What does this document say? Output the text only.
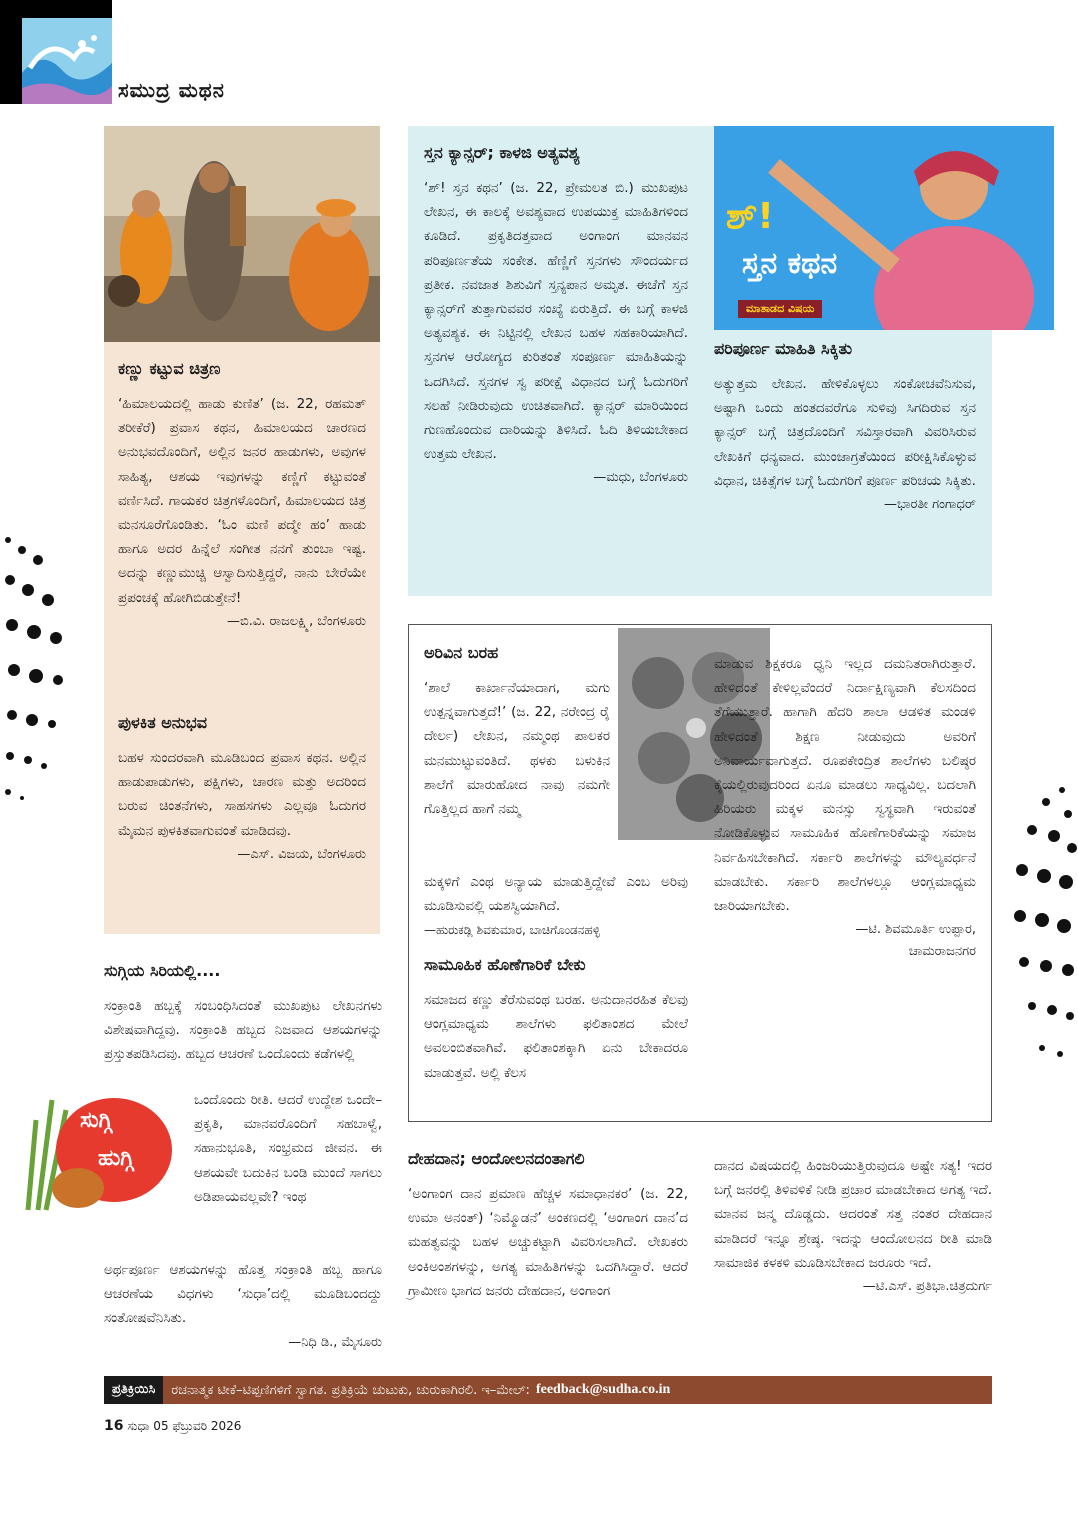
ಸಮುದ್ರ ಮಥನ

ಕಣ್ಣು ಕಟ್ಟುವ ಚಿತ್ರಣ

‘ಹಿಮಾಲಯದಲ್ಲಿ ಹಾಡು ಕುಣಿತ’ (ಜ. 22, ರಹಮತ್ ತರೀಕೆರೆ) ಪ್ರವಾಸ ಕಥನ, ಹಿಮಾಲಯದ ಚಾರಣದ ಅನುಭವದೊಂದಿಗೆ, ಅಲ್ಲಿನ ಜನರ ಹಾಡುಗಳು, ಅವುಗಳ ಸಾಹಿತ್ಯ, ಆಶಯ ಇವುಗಳನ್ನು ಕಣ್ಣಿಗೆ ಕಟ್ಟುವಂತೆ ವರ್ಣಿಸಿದೆ. ಗಾಯಕರ ಚಿತ್ರಗಳೊಂದಿಗೆ, ಹಿಮಾಲಯದ ಚಿತ್ರ ಮನಸೂರೆಗೊಂಡಿತು. ‘ಓಂ ಮಣಿ ಪದ್ಮೇ ಹಂ’ ಹಾಡು ಹಾಗೂ ಅದರ ಹಿನ್ನೆಲೆ ಸಂಗೀತ ನನಗೆ ತುಂಬಾ ಇಷ್ಟ. ಅದನ್ನು ಕಣ್ಣುಮುಚ್ಚಿ ಆಸ್ವಾದಿಸುತ್ತಿದ್ದರೆ, ನಾನು ಬೇರೆಯೇ ಪ್ರಪಂಚಕ್ಕೆ ಹೋಗಿಬಿಡುತ್ತೇನೆ!

—ಬಿ.ವಿ. ರಾಜಲಕ್ಷ್ಮಿ, ಬೆಂಗಳೂರು

ಪುಳಕಿತ ಅನುಭವ

ಬಹಳ ಸುಂದರವಾಗಿ ಮೂಡಿಬಂದ ಪ್ರವಾಸ ಕಥನ. ಅಲ್ಲಿನ ಹಾಡುಪಾಡುಗಳು, ಪಕ್ಷಿಗಳು, ಚಾರಣ ಮತ್ತು ಅದರಿಂದ ಬರುವ ಚಿಂತನೆಗಳು, ಸಾಹಸಗಳು ಎಲ್ಲವೂ ಓದುಗರ ಮೈಮನ ಪುಳಕಿತವಾಗುವಂತೆ ಮಾಡಿದವು.

—ಎಸ್. ವಿಜಯ, ಬೆಂಗಳೂರು

ಸ್ತನ ಕ್ಯಾನ್ಸರ್; ಕಾಳಜಿ ಅತ್ಯವಶ್ಯ

‘ಶ್! ಸ್ತನ ಕಥನ’ (ಜ. 22, ಪ್ರೇಮಲತ ಬಿ.) ಮುಖಪುಟ ಲೇಖನ, ಈ ಕಾಲಕ್ಕೆ ಅವಶ್ಯವಾದ ಉಪಯುಕ್ತ ಮಾಹಿತಿಗಳಿಂದ ಕೂಡಿದೆ. ಪ್ರಕೃತಿದತ್ತವಾದ ಅಂಗಾಂಗ ಮಾನವನ ಪರಿಪೂರ್ಣತೆಯ ಸಂಕೇತ. ಹೆಣ್ಣಿಗೆ ಸ್ತನಗಳು ಸೌಂದರ್ಯದ ಪ್ರತೀಕ. ನವಜಾತ ಶಿಶುವಿಗೆ ಸ್ತನ್ಯಪಾನ ಅಮೃತ. ಈಚೆಗೆ ಸ್ತನ ಕ್ಯಾನ್ಸರ್‌ಗೆ ತುತ್ತಾಗುವವರ ಸಂಖ್ಯೆ ಏರುತ್ತಿದೆ. ಈ ಬಗ್ಗೆ ಕಾಳಜಿ ಅತ್ಯವಶ್ಯಕ. ಈ ನಿಟ್ಟಿನಲ್ಲಿ ಲೇಖನ ಬಹಳ ಸಹಕಾರಿಯಾಗಿದೆ. ಸ್ತನಗಳ ಆರೋಗ್ಯದ ಕುರಿತಂತೆ ಸಂಪೂರ್ಣ ಮಾಹಿತಿಯನ್ನು ಒದಗಿಸಿದೆ. ಸ್ತನಗಳ ಸ್ವ ಪರೀಕ್ಷೆ ವಿಧಾನದ ಬಗ್ಗೆ ಓದುಗರಿಗೆ ಸಲಹೆ ನೀಡಿರುವುದು ಉಚಿತವಾಗಿದೆ. ಕ್ಯಾನ್ಸರ್ ಮಾರಿಯಿಂದ ಗುಣಹೊಂದುವ ದಾರಿಯನ್ನು ತಿಳಿಸಿದೆ. ಓದಿ ತಿಳಿಯಬೇಕಾದ ಉತ್ತಮ ಲೇಖನ.

—ಮಧು, ಬೆಂಗಳೂರು

ಶ್!
ಸ್ತನ ಕಥನ
ಮಾತಾಡದ ವಿಷಯ

ಪರಿಪೂರ್ಣ ಮಾಹಿತಿ ಸಿಕ್ಕಿತು

ಅತ್ಯುತ್ತಮ ಲೇಖನ. ಹೇಳಿಕೊಳ್ಳಲು ಸಂಕೋಚವೆನಿಸುವ, ಅಷ್ಟಾಗಿ ಒಂದು ಹಂತದವರೆಗೂ ಸುಳಿವು ಸಿಗದಿರುವ ಸ್ತನ ಕ್ಯಾನ್ಸರ್ ಬಗ್ಗೆ ಚಿತ್ರದೊಂದಿಗೆ ಸವಿಸ್ತಾರವಾಗಿ ವಿವರಿಸಿರುವ ಲೇಖಕಿಗೆ ಧನ್ಯವಾದ. ಮುಂಜಾಗ್ರತೆಯಿಂದ ಪರೀಕ್ಷಿಸಿಕೊಳ್ಳುವ ವಿಧಾನ, ಚಿಕಿತ್ಸೆಗಳ ಬಗ್ಗೆ ಓದುಗರಿಗೆ ಪೂರ್ಣ ಪರಿಚಯ ಸಿಕ್ಕಿತು.

—ಭಾರತೀ ಗಂಗಾಧರ್

ಅರಿವಿನ ಬರಹ

‘ಶಾಲೆ ಕಾರ್ಖಾನೆಯಾದಾಗ, ಮಗು ಉತ್ಪನ್ನವಾಗುತ್ತದೆ!’ (ಜ. 22, ನರೇಂದ್ರ ರೈ ದೇರ್ಲ) ಲೇಖನ, ನಮ್ಮಂಥ ಪಾಲಕರ ಮನಮುಟ್ಟುವಂತಿದೆ. ಥಳಕು ಬಳುಕಿನ ಶಾಲೆಗೆ ಮಾರುಹೋದ ನಾವು ನಮಗೇ ಗೊತ್ತಿಲ್ಲದ ಹಾಗೆ ನಮ್ಮ

ಮಕ್ಕಳಿಗೆ ಎಂಥ ಅನ್ಯಾಯ ಮಾಡುತ್ತಿದ್ದೇವೆ ಎಂಬ ಅರಿವು ಮೂಡಿಸುವಲ್ಲಿ ಯಶಸ್ವಿಯಾಗಿದೆ.

—ಹುರುಕಡ್ಲಿ ಶಿವಕುಮಾರ, ಬಾಚಿಗೊಂಡನಹಳ್ಳಿ

ಸಾಮೂಹಿಕ ಹೊಣೆಗಾರಿಕೆ ಬೇಕು

ಸಮಾಜದ ಕಣ್ಣು ತೆರೆಸುವಂಥ ಬರಹ. ಅನುದಾನರಹಿತ ಕೆಲವು ಆಂಗ್ಲಮಾಧ್ಯಮ ಶಾಲೆಗಳು ಫಲಿತಾಂಶದ ಮೇಲೆ ಅವಲಂಬಿತವಾಗಿವೆ. ಫಲಿತಾಂಶಕ್ಕಾಗಿ ಏನು ಬೇಕಾದರೂ ಮಾಡುತ್ತವೆ. ಅಲ್ಲಿ ಕೆಲಸ

ಮಾಡುವ ಶಿಕ್ಷಕರೂ ಧ್ವನಿ ಇಲ್ಲದ ದಮನಿತರಾಗಿರುತ್ತಾರೆ. ಹೇಳಿದಂತೆ ಕೇಳಿಲ್ಲವೆಂದರೆ ನಿರ್ದಾಕ್ಷಿಣ್ಯವಾಗಿ ಕೆಲಸದಿಂದ ತೆಗೆಯುತ್ತಾರೆ. ಹಾಗಾಗಿ ಹೆದರಿ ಶಾಲಾ ಆಡಳಿತ ಮಂಡಳಿ ಹೇಳಿದಂತೆ ಶಿಕ್ಷಣ ನೀಡುವುದು ಅವರಿಗೆ ಅನಿವಾರ್ಯವಾಗುತ್ತದೆ. ರೂಪಕೇಂದ್ರಿತ ಶಾಲೆಗಳು ಬಲಿಷ್ಠರ ಕೈಯಲ್ಲಿರುವುದರಿಂದ ಏನೂ ಮಾಡಲು ಸಾಧ್ಯವಿಲ್ಲ. ಬದಲಾಗಿ ಹಿರಿಯರು ಮಕ್ಕಳ ಮನಸ್ಸು ಸ್ವಸ್ಥವಾಗಿ ಇರುವಂತೆ ನೋಡಿಕೊಳ್ಳುವ ಸಾಮೂಹಿಕ ಹೊಣೆಗಾರಿಕೆಯನ್ನು ಸಮಾಜ ನಿರ್ವಹಿಸಬೇಕಾಗಿದೆ. ಸರ್ಕಾರಿ ಶಾಲೆಗಳನ್ನು ಮೌಲ್ಯವರ್ಧನೆ ಮಾಡಬೇಕು. ಸರ್ಕಾರಿ ಶಾಲೆಗಳಲ್ಲೂ ಆಂಗ್ಲಮಾಧ್ಯಮ ಜಾರಿಯಾಗಬೇಕು.

—ಟಿ. ಶಿವಮೂರ್ತಿ ಉಪ್ಪಾರ,

ಚಾಮರಾಜನಗರ

ಸುಗ್ಗಿಯ ಸಿರಿಯಲ್ಲಿ....

ಸಂಕ್ರಾಂತಿ ಹಬ್ಬಕ್ಕೆ ಸಂಬಂಧಿಸಿದಂತೆ ಮುಖಪುಟ ಲೇಖನಗಳು ವಿಶೇಷವಾಗಿದ್ದವು. ಸಂಕ್ರಾಂತಿ ಹಬ್ಬದ ನಿಜವಾದ ಆಶಯಗಳನ್ನು ಪ್ರಸ್ತುತಪಡಿಸಿದವು. ಹಬ್ಬದ ಆಚರಣೆ ಒಂದೊಂದು ಕಡೆಗಳಲ್ಲಿ

ಸುಗ್ಗಿ
ಹುಗ್ಗಿ

ಒಂದೊಂದು ರೀತಿ. ಆದರೆ ಉದ್ದೇಶ ಒಂದೇ– ಪ್ರಕೃತಿ, ಮಾನವರೊಂದಿಗೆ ಸಹಬಾಳ್ವೆ, ಸಹಾನುಭೂತಿ, ಸಂಭ್ರಮದ ಜೀವನ. ಈ ಆಶಯವೇ ಬದುಕಿನ ಬಂಡಿ ಮುಂದೆ ಸಾಗಲು ಅಡಿಪಾಯವಲ್ಲವೇ? ಇಂಥ

ಅರ್ಥಪೂರ್ಣ ಆಶಯಗಳನ್ನು ಹೊತ್ತ ಸಂಕ್ರಾಂತಿ ಹಬ್ಬ ಹಾಗೂ ಆಚರಣೆಯ ವಿಧಗಳು ‘ಸುಧಾ’ದಲ್ಲಿ ಮೂಡಿಬಂದದ್ದು ಸಂತೋಷವೆನಿಸಿತು.

—ನಿಧಿ ಡಿ., ಮೈಸೂರು

ದೇಹದಾನ; ಆಂದೋಲನದಂತಾಗಲಿ

‘ಅಂಗಾಂಗ ದಾನ ಪ್ರಮಾಣ ಹೆಚ್ಚಳ ಸಮಾಧಾನಕರ’ (ಜ. 22, ಉಮಾ ಅನಂತ್) ‘ನಿಮ್ಮೊಡನೆ’ ಅಂಕಣದಲ್ಲಿ ‘ಅಂಗಾಂಗ ದಾನ’ದ ಮಹತ್ವವನ್ನು ಬಹಳ ಅಚ್ಚುಕಟ್ಟಾಗಿ ವಿವರಿಸಲಾಗಿದೆ. ಲೇಖಕರು ಅಂಕಿಅಂಶಗಳನ್ನು, ಅಗತ್ಯ ಮಾಹಿತಿಗಳನ್ನು ಒದಗಿಸಿದ್ದಾರೆ. ಆದರೆ ಗ್ರಾಮೀಣ ಭಾಗದ ಜನರು ದೇಹದಾನ, ಅಂಗಾಂಗ

ದಾನದ ವಿಷಯದಲ್ಲಿ ಹಿಂಜರಿಯುತ್ತಿರುವುದೂ ಅಷ್ಟೇ ಸತ್ಯ! ಇದರ ಬಗ್ಗೆ ಜನರಲ್ಲಿ ತಿಳಿವಳಿಕೆ ನೀಡಿ ಪ್ರಚಾರ ಮಾಡಬೇಕಾದ ಅಗತ್ಯ ಇದೆ. ಮಾನವ ಜನ್ಮ ದೊಡ್ಡದು. ಆದರಂತೆ ಸತ್ತ ನಂತರ ದೇಹದಾನ ಮಾಡಿದರೆ ಇನ್ನೂ ಶ್ರೇಷ್ಠ. ಇದನ್ನು ಆಂದೋಲನದ ರೀತಿ ಮಾಡಿ ಸಾಮಾಜಿಕ ಕಳಕಳಿ ಮೂಡಿಸಬೇಕಾದ ಜರೂರು ಇದೆ.

—ಟಿ.ಎಸ್. ಪ್ರತಿಭಾ.ಚಿತ್ರದುರ್ಗ

ಪ್ರತಿಕ್ರಿಯಿಸಿ	ರಚನಾತ್ಮಕ ಟೀಕೆ–ಟಿಪ್ಪಣಿಗಳಿಗೆ ಸ್ವಾಗತ. ಪ್ರತಿಕ್ರಿಯೆ ಚುಟುಕು, ಚುರುಕಾಗಿರಲಿ. ಇ–ಮೇಲ್: feedback@sudha.co.in
16 ಸುಧಾ 05 ಫೆಬ್ರುವರಿ 2026
